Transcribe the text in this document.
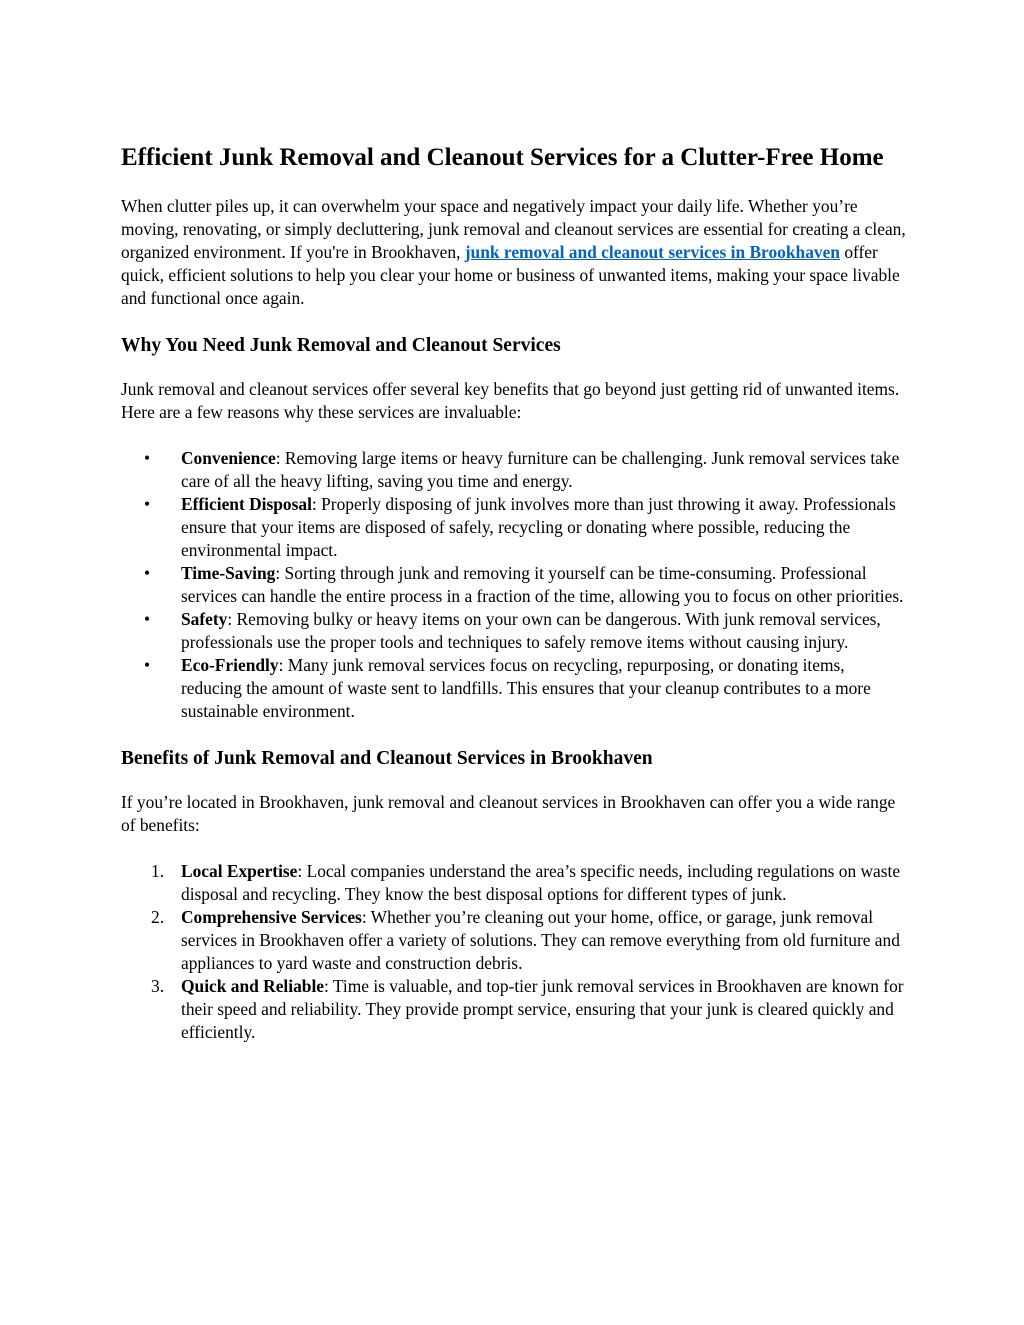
Efficient Junk Removal and Cleanout Services for a Clutter-Free Home

When clutter piles up, it can overwhelm your space and negatively impact your daily life. Whether you’re moving, renovating, or simply decluttering, junk removal and cleanout services are essential for creating a clean, organized environment. If you're in Brookhaven, junk removal and cleanout services in Brookhaven offer quick, efficient solutions to help you clear your home or business of unwanted items, making your space livable and functional once again.

Why You Need Junk Removal and Cleanout Services

Junk removal and cleanout services offer several key benefits that go beyond just getting rid of unwanted items. Here are a few reasons why these services are invaluable:

•	Convenience: Removing large items or heavy furniture can be challenging. Junk removal services take care of all the heavy lifting, saving you time and energy.
•	Efficient Disposal: Properly disposing of junk involves more than just throwing it away. Professionals ensure that your items are disposed of safely, recycling or donating where possible, reducing the environmental impact.
•	Time-Saving: Sorting through junk and removing it yourself can be time-consuming. Professional services can handle the entire process in a fraction of the time, allowing you to focus on other priorities.
•	Safety: Removing bulky or heavy items on your own can be dangerous. With junk removal services, professionals use the proper tools and techniques to safely remove items without causing injury.
•	Eco-Friendly: Many junk removal services focus on recycling, repurposing, or donating items, reducing the amount of waste sent to landfills. This ensures that your cleanup contributes to a more sustainable environment.
Benefits of Junk Removal and Cleanout Services in Brookhaven

If you’re located in Brookhaven, junk removal and cleanout services in Brookhaven can offer you a wide range of benefits:

1. Local Expertise: Local companies understand the area’s specific needs, including regulations on waste disposal and recycling. They know the best disposal options for different types of junk.
2. Comprehensive Services: Whether you’re cleaning out your home, office, or garage, junk removal services in Brookhaven offer a variety of solutions. They can remove everything from old furniture and appliances to yard waste and construction debris.
3. Quick and Reliable: Time is valuable, and top-tier junk removal services in Brookhaven are known for their speed and reliability. They provide prompt service, ensuring that your junk is cleared quickly and efficiently.
